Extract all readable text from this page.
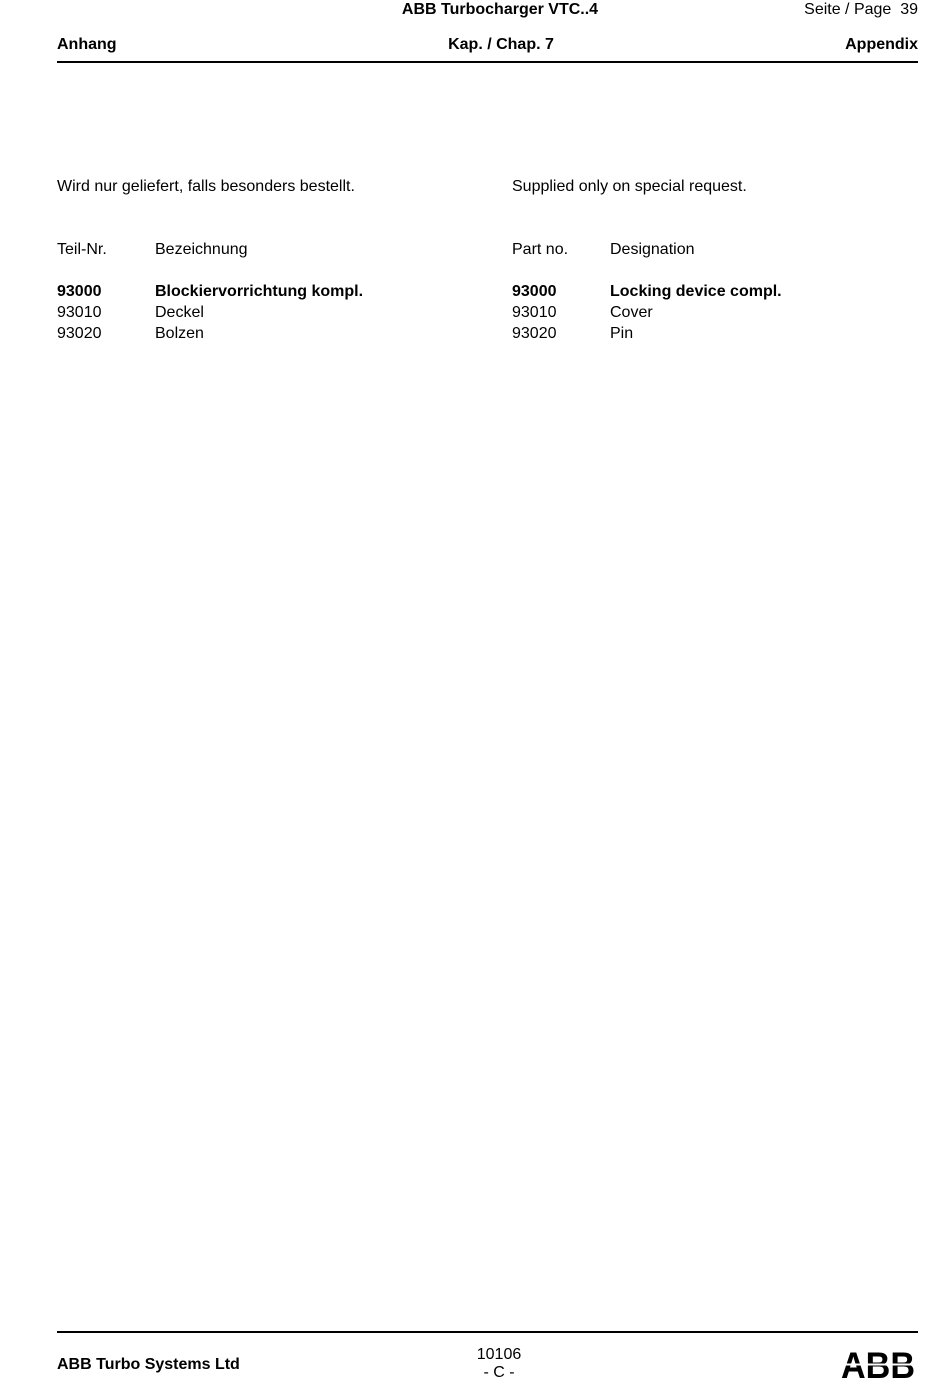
ABB Turbocharger VTC..4	Seite / Page 39
Anhang	Kap. / Chap. 7	Appendix
Wird nur geliefert, falls besonders bestellt.	Supplied only on special request.
Teil-Nr.	Bezeichnung	Part no.	Designation
93000	Blockiervorrichtung kompl.	93000	Locking device compl.
93010	Deckel	93010	Cover
93020	Bolzen	93020	Pin
ABB Turbo Systems Ltd
10106
- C -
